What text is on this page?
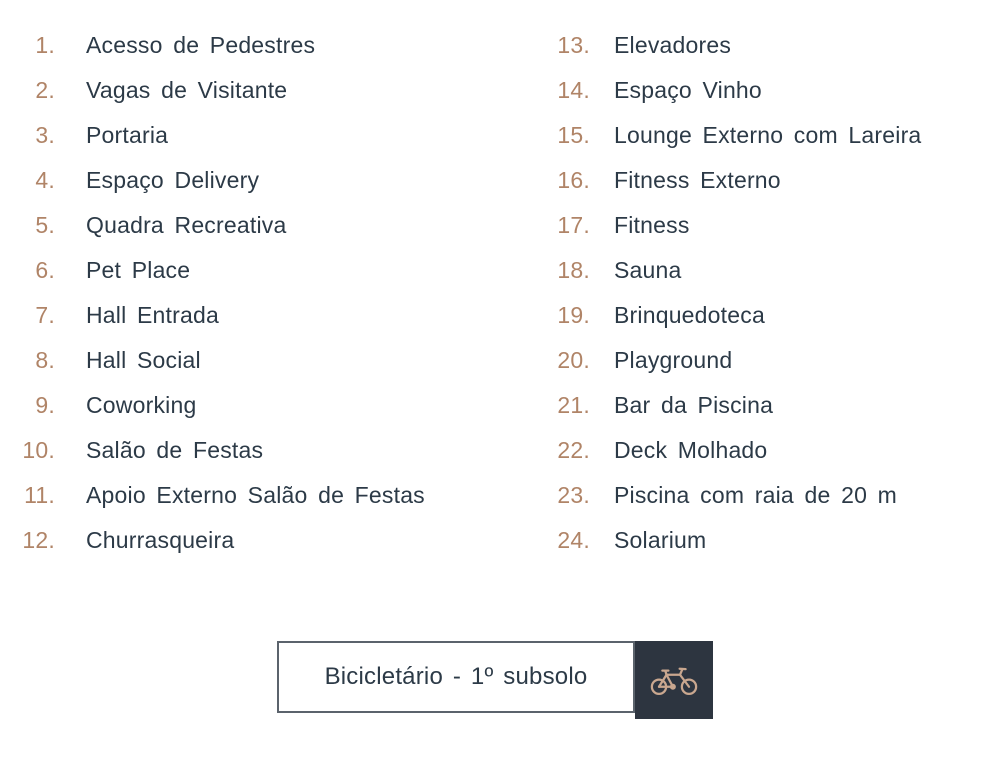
1. Acesso de Pedestres
2. Vagas de Visitante
3. Portaria
4. Espaço Delivery
5. Quadra Recreativa
6. Pet Place
7. Hall Entrada
8. Hall Social
9. Coworking
10. Salão de Festas
11. Apoio Externo Salão de Festas
12. Churrasqueira
13. Elevadores
14. Espaço Vinho
15. Lounge Externo com Lareira
16. Fitness Externo
17. Fitness
18. Sauna
19. Brinquedoteca
20. Playground
21. Bar da Piscina
22. Deck Molhado
23. Piscina com raia de 20 m
24. Solarium
Bicicletário - 1º subsolo
